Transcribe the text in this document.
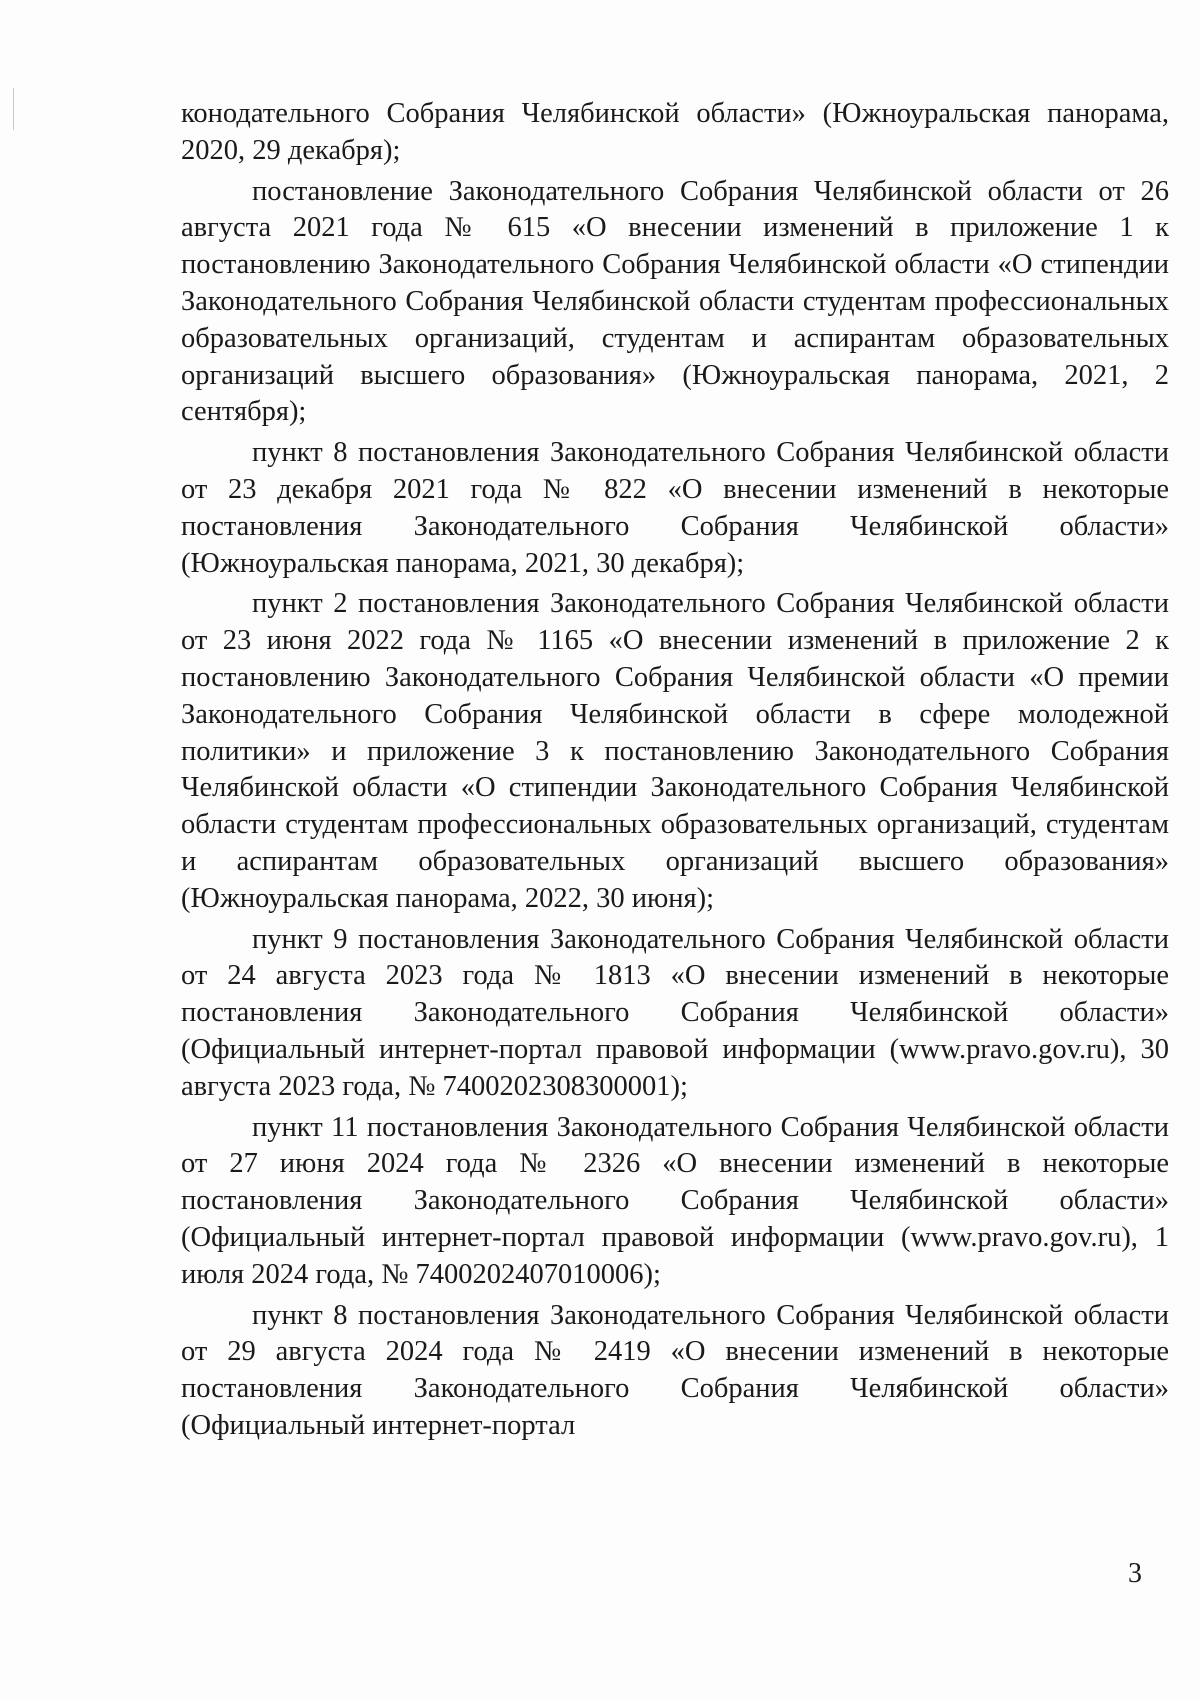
конодательного Собрания Челябинской области» (Южноуральская панорама, 2020, 29 декабря);

постановление Законодательного Собрания Челябинской области от 26 августа 2021 года № 615 «О внесении изменений в приложение 1 к постановлению Законодательного Собрания Челябинской области «О стипендии Законодательного Собрания Челябинской области студентам профессиональных образовательных организаций, студентам и аспирантам образовательных организаций высшего образования» (Южноуральская панорама, 2021, 2 сентября);

пункт 8 постановления Законодательного Собрания Челябинской области от 23 декабря 2021 года № 822 «О внесении изменений в некоторые постановления Законодательного Собрания Челябинской области» (Южноуральская панорама, 2021, 30 декабря);

пункт 2 постановления Законодательного Собрания Челябинской области от 23 июня 2022 года № 1165 «О внесении изменений в приложение 2 к постановлению Законодательного Собрания Челябинской области «О премии Законодательного Собрания Челябинской области в сфере молодежной политики» и приложение 3 к постановлению Законодательного Собрания Челябинской области «О стипендии Законодательного Собрания Челябинской области студентам профессиональных образовательных организаций, студентам и аспирантам образовательных организаций высшего образования» (Южноуральская панорама, 2022, 30 июня);

пункт 9 постановления Законодательного Собрания Челябинской области от 24 августа 2023 года № 1813 «О внесении изменений в некоторые постановления Законодательного Собрания Челябинской области» (Официальный интернет-портал правовой информации (www.pravo.gov.ru), 30 августа 2023 года, № 7400202308300001);

пункт 11 постановления Законодательного Собрания Челябинской области от 27 июня 2024 года № 2326 «О внесении изменений в некоторые постановления Законодательного Собрания Челябинской области» (Официальный интернет-портал правовой информации (www.pravo.gov.ru), 1 июля 2024 года, № 7400202407010006);

пункт 8 постановления Законодательного Собрания Челябинской области от 29 августа 2024 года № 2419 «О внесении изменений в некоторые постановления Законодательного Собрания Челябинской области» (Официальный интернет-портал

3
